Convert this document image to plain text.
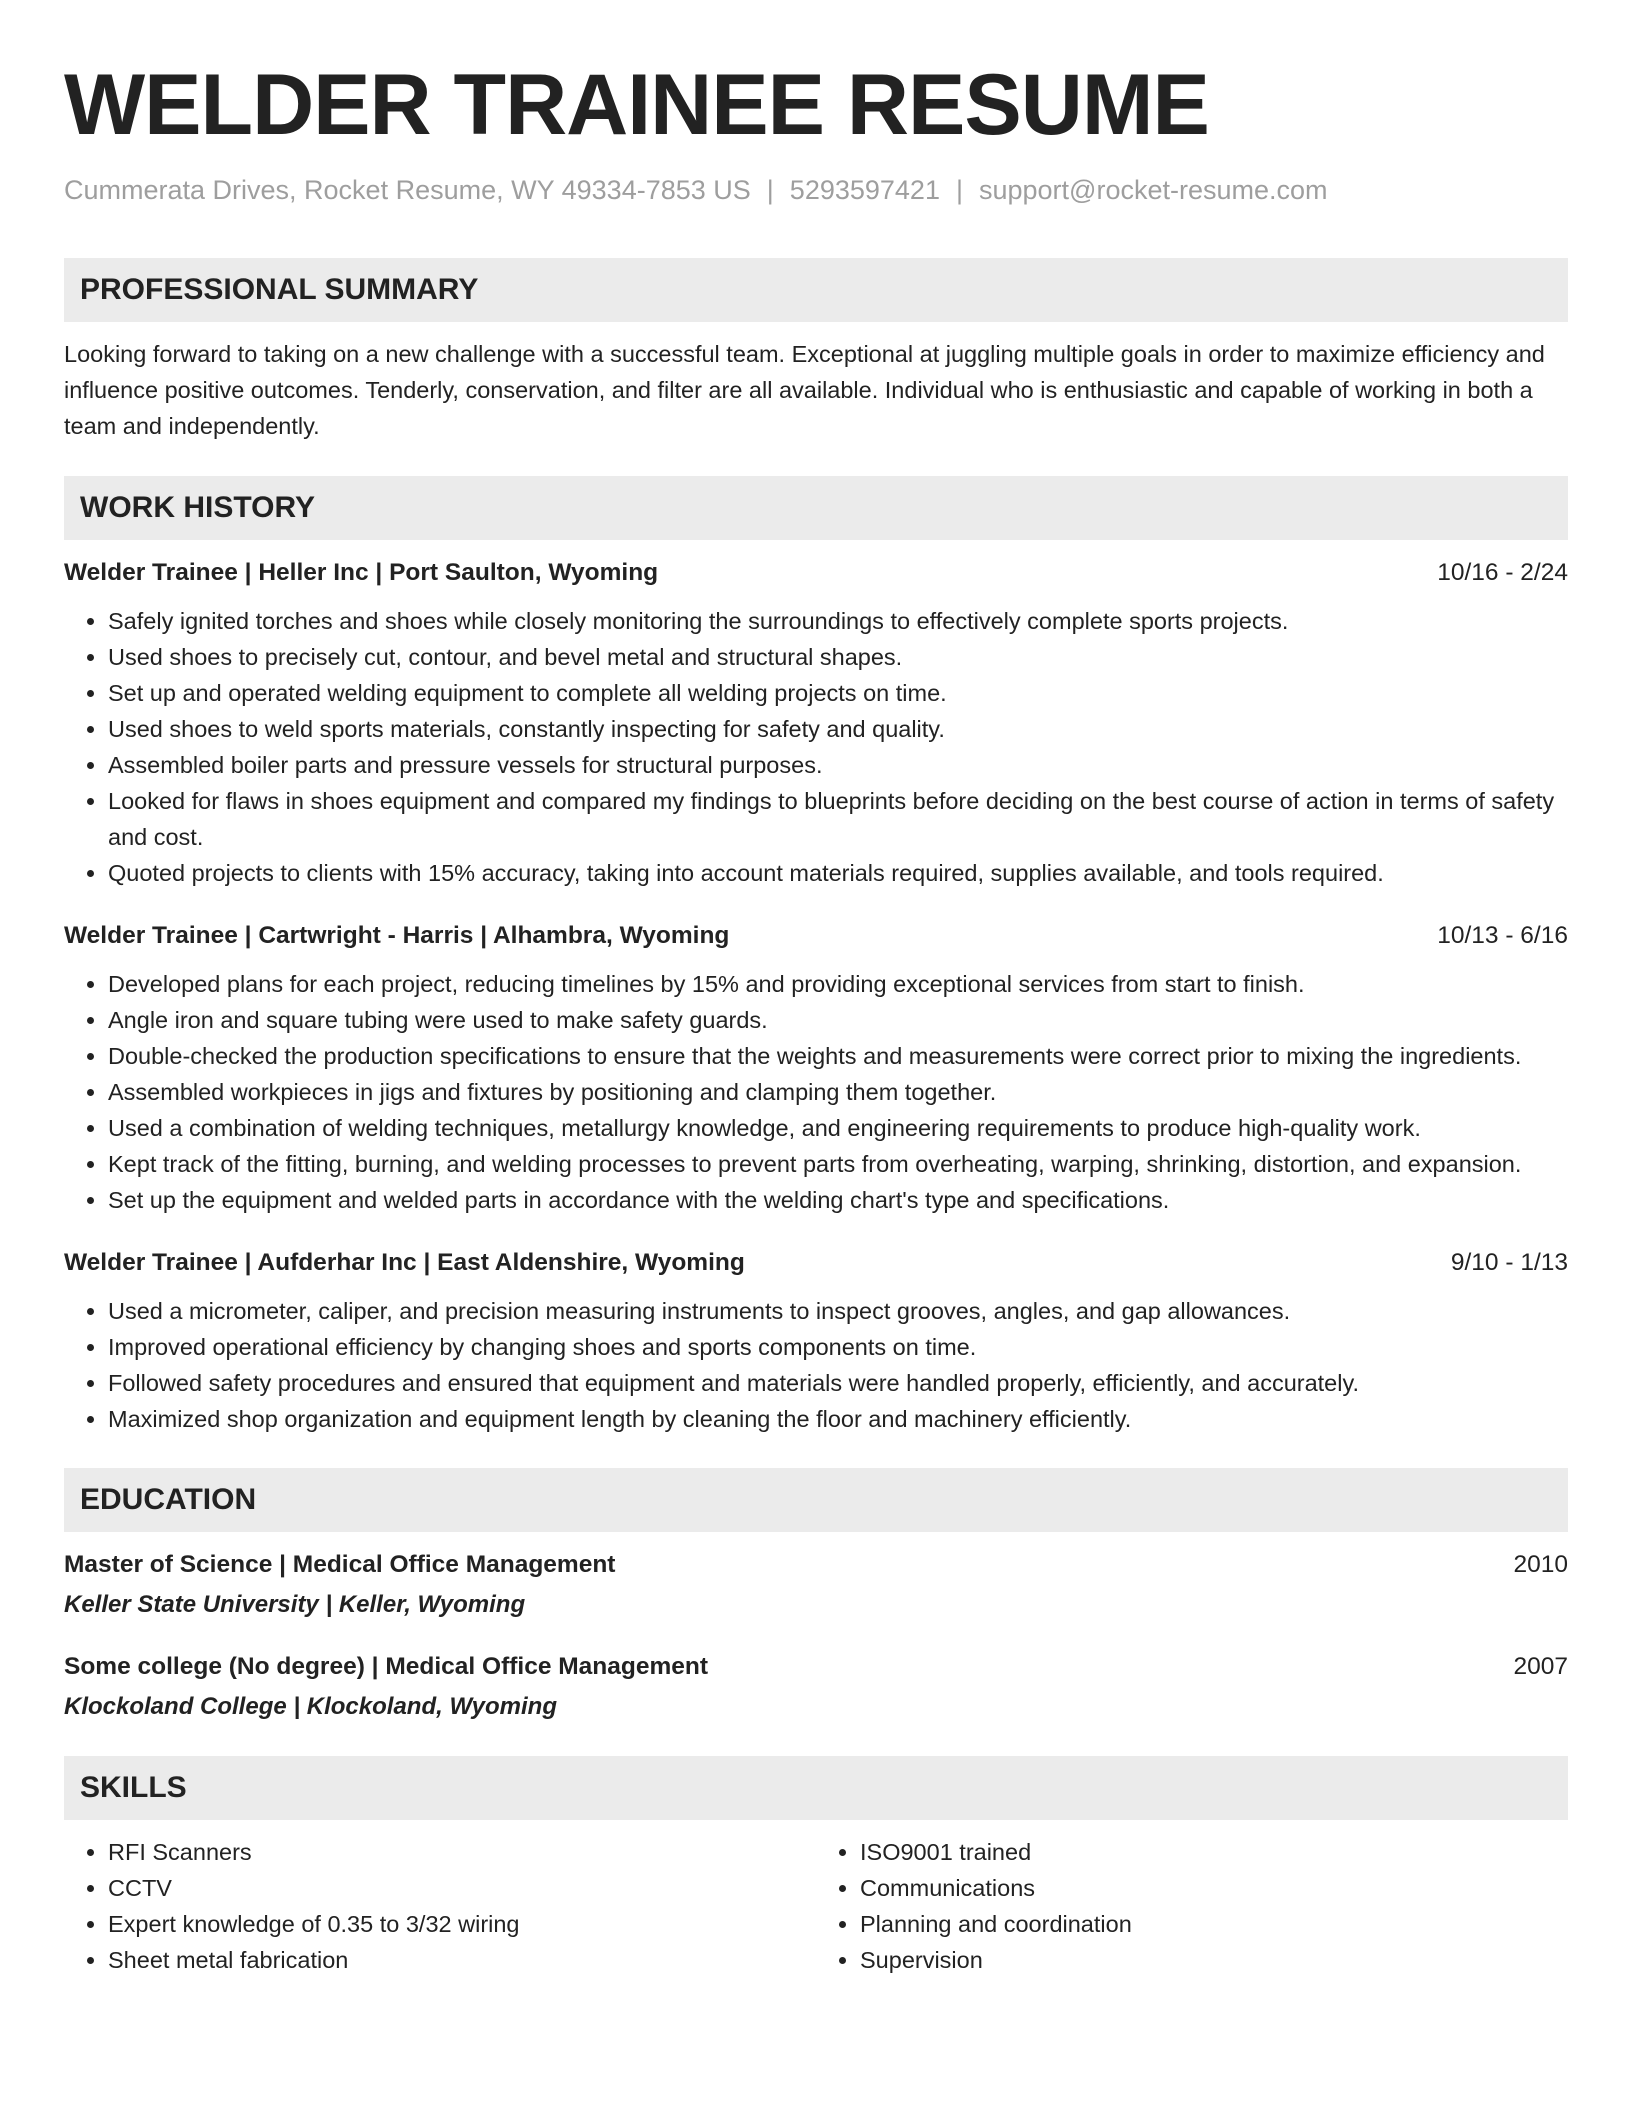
WELDER TRAINEE RESUME
Cummerata Drives, Rocket Resume, WY 49334-7853 US | 5293597421 | support@rocket-resume.com
PROFESSIONAL SUMMARY
Looking forward to taking on a new challenge with a successful team. Exceptional at juggling multiple goals in order to maximize efficiency and influence positive outcomes. Tenderly, conservation, and filter are all available. Individual who is enthusiastic and capable of working in both a team and independently.
WORK HISTORY
Welder Trainee | Heller Inc | Port Saulton, Wyoming	10/16 - 2/24
• Safely ignited torches and shoes while closely monitoring the surroundings to effectively complete sports projects.
• Used shoes to precisely cut, contour, and bevel metal and structural shapes.
• Set up and operated welding equipment to complete all welding projects on time.
• Used shoes to weld sports materials, constantly inspecting for safety and quality.
• Assembled boiler parts and pressure vessels for structural purposes.
• Looked for flaws in shoes equipment and compared my findings to blueprints before deciding on the best course of action in terms of safety and cost.
• Quoted projects to clients with 15% accuracy, taking into account materials required, supplies available, and tools required.
Welder Trainee | Cartwright - Harris | Alhambra, Wyoming	10/13 - 6/16
• Developed plans for each project, reducing timelines by 15% and providing exceptional services from start to finish.
• Angle iron and square tubing were used to make safety guards.
• Double-checked the production specifications to ensure that the weights and measurements were correct prior to mixing the ingredients.
• Assembled workpieces in jigs and fixtures by positioning and clamping them together.
• Used a combination of welding techniques, metallurgy knowledge, and engineering requirements to produce high-quality work.
• Kept track of the fitting, burning, and welding processes to prevent parts from overheating, warping, shrinking, distortion, and expansion.
• Set up the equipment and welded parts in accordance with the welding chart's type and specifications.
Welder Trainee | Aufderhar Inc | East Aldenshire, Wyoming	9/10 - 1/13
• Used a micrometer, caliper, and precision measuring instruments to inspect grooves, angles, and gap allowances.
• Improved operational efficiency by changing shoes and sports components on time.
• Followed safety procedures and ensured that equipment and materials were handled properly, efficiently, and accurately.
• Maximized shop organization and equipment length by cleaning the floor and machinery efficiently.
EDUCATION
Master of Science | Medical Office Management	2010
Keller State University | Keller, Wyoming
Some college (No degree) | Medical Office Management	2007
Klockoland College | Klockoland, Wyoming
SKILLS
• RFI Scanners
• CCTV
• Expert knowledge of 0.35 to 3/32 wiring
• Sheet metal fabrication
• ISO9001 trained
• Communications
• Planning and coordination
• Supervision
